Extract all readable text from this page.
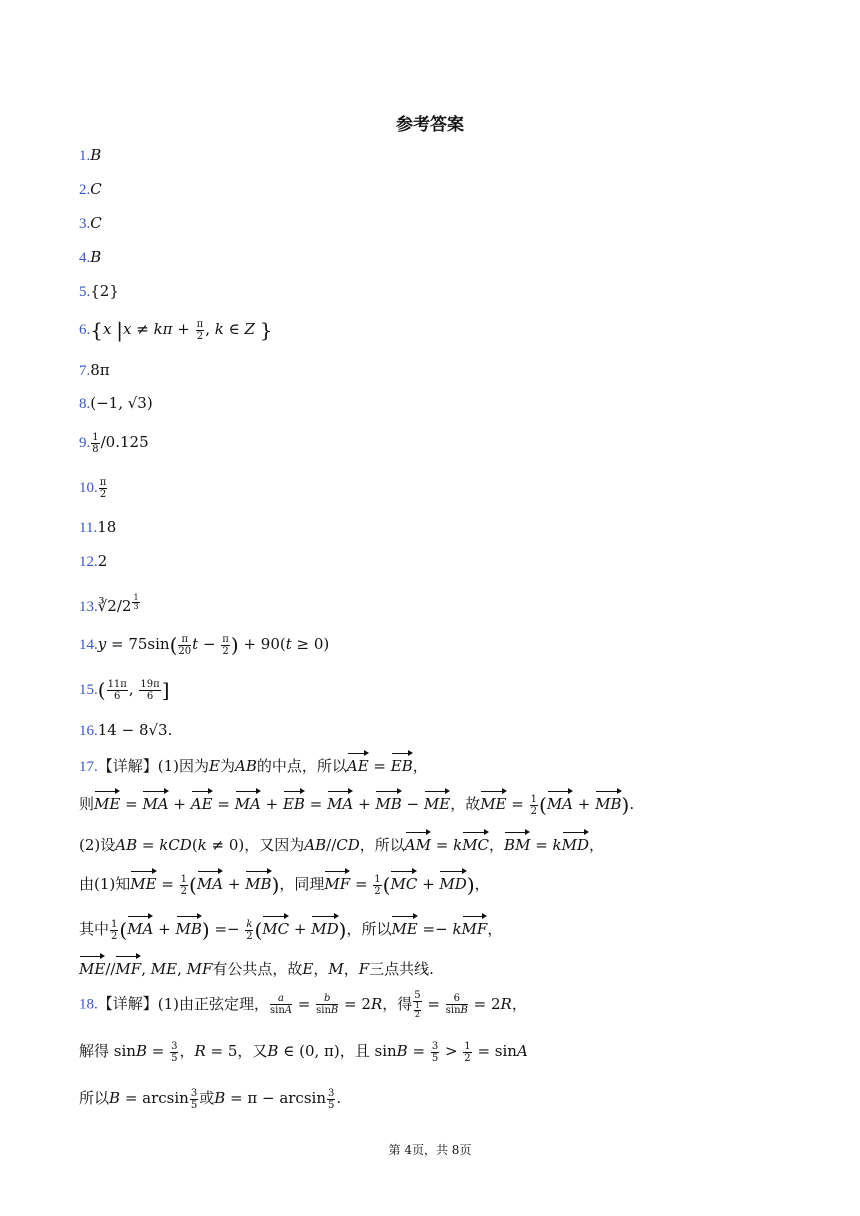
参考答案
1.B
2.C
3.C
4.B
5.{2}
6.{x $|x \ne k\pi + \frac{\pi}{2}$ , k ∈ Z }
7.8π
8.(−1, √3)
9. $\frac{1}{8} /0.125$
10. $\frac{\pi}{2}$
11.18
12.2
13.∛2/2 $^{\frac{1}{3}}$
$14.y = 75\sin( \frac{\pi}{20}$ $t - \frac{\pi}{2}$ ) + 90(t ≥ 0)
$15.( \frac{11\pi}{6}$ , $\frac{19\pi}{6}$ ]
16.14 − 8√3.
17.【详解】(1)因为E为AB的中点，所以AE = EB，
则ME = MA + AE = MA + EB = MA + MB − ME，故ME = $\frac{1}{2} (MA + MB)$.
(2)设AB = kCD(k ≠ 0)，又因为AB//CD，所以AM = kMC，BM = kMD，
由(1)知ME = $\frac{1}{2} (MA + MB)$，同理MF = $\frac{1}{2} (MC + MD)$，
其中 $\frac{1}{2} (MA + MB) =- \frac{k}{2} (MC + MD)$，所以ME =− kMF，
ME//MF, ME, MF有公共点，故E，M，F三点共线.
18.【详解】(1)由正弦定理， $\frac{a}{\sin A} = \frac{b}{\sin B} = 2R$，得 $\frac{5}{\frac{1}{2}} = \frac{6}{\sin B} = 2R$，
解得 $\sin B = \frac{3}{5}$ ，R = 5，又B ∈ (0, π)，且 $\sin B = \frac{3}{5} > \frac{1}{2} = \sin A$
所以$B = \arcsin \frac{3}{5}$ 或$B = \pi - \arcsin \frac{3}{5}$ .
第 4页，共 8页
